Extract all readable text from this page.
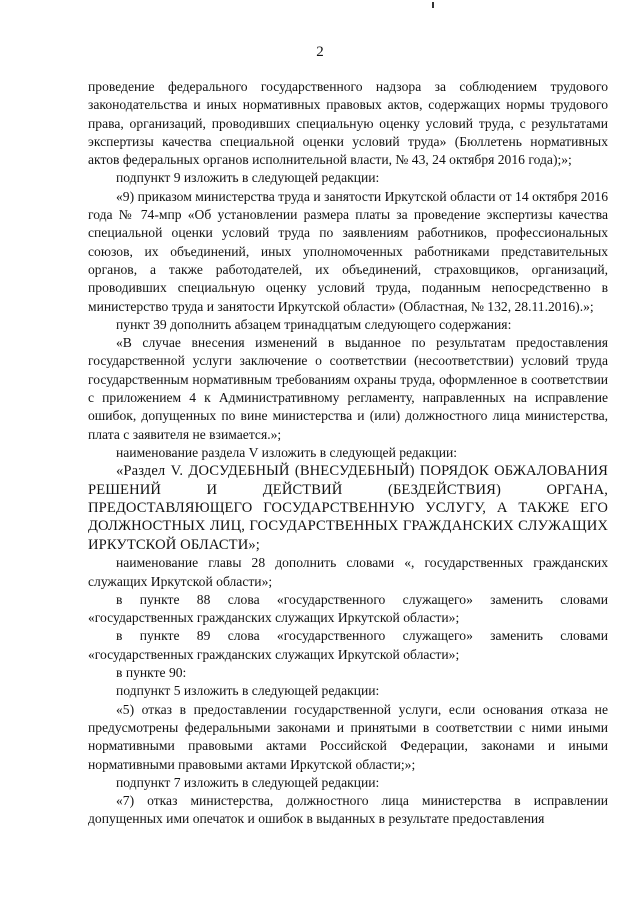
2

проведение федерального государственного надзора за соблюдением трудового законодательства и иных нормативных правовых актов, содержащих нормы трудового права, организаций, проводивших специальную оценку условий труда, с результатами экспертизы качества специальной оценки условий труда» (Бюллетень нормативных актов федеральных органов исполнительной власти, № 43, 24 октября 2016 года);»;

подпункт 9 изложить в следующей редакции:

«9) приказом министерства труда и занятости Иркутской области от 14 октября 2016 года № 74-мпр «Об установлении размера платы за проведение экспертизы качества специальной оценки условий труда по заявлениям работников, профессиональных союзов, их объединений, иных уполномоченных работниками представительных органов, а также работодателей, их объединений, страховщиков, организаций, проводивших специальную оценку условий труда, поданным непосредственно в министерство труда и занятости Иркутской области» (Областная, № 132, 28.11.2016).»;

пункт 39 дополнить абзацем тринадцатым следующего содержания:

«В случае внесения изменений в выданное по результатам предоставления государственной услуги заключение о соответствии (несоответствии) условий труда государственным нормативным требованиям охраны труда, оформленное в соответствии с приложением 4 к Административному регламенту, направленных на исправление ошибок, допущенных по вине министерства и (или) должностного лица министерства, плата с заявителя не взимается.»;

наименование раздела V изложить в следующей редакции:

«Раздел V. ДОСУДЕБНЫЙ (ВНЕСУДЕБНЫЙ) ПОРЯДОК ОБЖАЛОВАНИЯ РЕШЕНИЙ И ДЕЙСТВИЙ (БЕЗДЕЙСТВИЯ) ОРГАНА, ПРЕДОСТАВЛЯЮЩЕГО ГОСУДАРСТВЕННУЮ УСЛУГУ, А ТАКЖЕ ЕГО ДОЛЖНОСТНЫХ ЛИЦ, ГОСУДАРСТВЕННЫХ ГРАЖДАНСКИХ СЛУЖАЩИХ ИРКУТСКОЙ ОБЛАСТИ»;

наименование главы 28 дополнить словами «, государственных гражданских служащих Иркутской области»;

в пункте 88 слова «государственного служащего» заменить словами «государственных гражданских служащих Иркутской области»;

в пункте 89 слова «государственного служащего» заменить словами «государственных гражданских служащих Иркутской области»;

в пункте 90:

подпункт 5 изложить в следующей редакции:

«5) отказ в предоставлении государственной услуги, если основания отказа не предусмотрены федеральными законами и принятыми в соответствии с ними иными нормативными правовыми актами Российской Федерации, законами и иными нормативными правовыми актами Иркутской области;»;

подпункт 7 изложить в следующей редакции:

«7) отказ министерства, должностного лица министерства в исправлении допущенных ими опечаток и ошибок в выданных в результате предоставления
